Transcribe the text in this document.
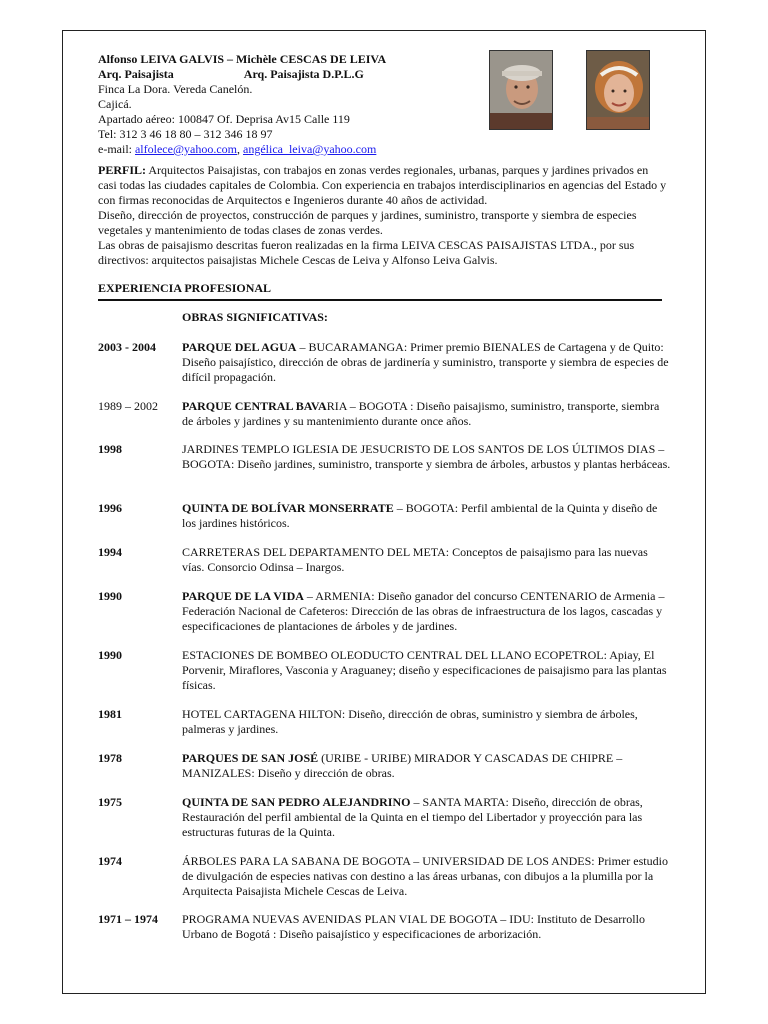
Alfonso LEIVA GALVIS – Michèle CESCAS DE LEIVA
Arq. Paisajista	Arq. Paisajista D.P.L.G
Finca La Dora. Vereda Canelón.
Cajicá.
Apartado aéreo: 100847 Of. Deprisa Av15 Calle 119
Tel: 312 3 46 18 80 – 312 346 18 97
e-mail: alfolece@yahoo.com, angélica_leiva@yahoo.com
PERFIL: Arquitectos Paisajistas, con trabajos en zonas verdes regionales, urbanas, parques y jardines privados en casi todas las ciudades capitales de Colombia. Con experiencia en trabajos interdisciplinarios en agencias del Estado y con firmas reconocidas de Arquitectos e Ingenieros durante 40 años de actividad.
Diseño, dirección de proyectos, construcción de parques y jardines, suministro, transporte y siembra de especies vegetales y mantenimiento de todas clases de zonas verdes.
Las obras de paisajismo descritas fueron realizadas en la firma LEIVA CESCAS PAISAJISTAS LTDA., por sus directivos: arquitectos paisajistas Michele Cescas de Leiva y Alfonso Leiva Galvis.
EXPERIENCIA PROFESIONAL
OBRAS SIGNIFICATIVAS:
2003 - 2004	PARQUE DEL AGUA – BUCARAMANGA: Primer premio BIENALES de Cartagena y de Quito: Diseño paisajístico, dirección de obras de jardinería y suministro, transporte y siembra de especies de difícil propagación.
1989 – 2002	PARQUE CENTRAL BAVARIA – BOGOTA : Diseño paisajismo, suministro, transporte, siembra de árboles y jardines y su mantenimiento durante once años.
1998	JARDINES TEMPLO IGLESIA DE JESUCRISTO DE LOS SANTOS DE LOS ÚLTIMOS DIAS – BOGOTA: Diseño jardines, suministro, transporte y siembra de árboles, arbustos y plantas herbáceas.
1996	QUINTA DE BOLÍVAR MONSERRATE – BOGOTA: Perfil ambiental de la Quinta y diseño de los jardines históricos.
1994	CARRETERAS DEL DEPARTAMENTO DEL META: Conceptos de paisajismo para las nuevas vías. Consorcio Odinsa – Inargos.
1990	PARQUE DE LA VIDA – ARMENIA: Diseño ganador del concurso CENTENARIO de Armenia – Federación Nacional de Cafeteros: Dirección de las obras de infraestructura de los lagos, cascadas y especificaciones de plantaciones de árboles y de jardines.
1990	ESTACIONES DE BOMBEO OLEODUCTO CENTRAL DEL LLANO ECOPETROL: Apiay, El Porvenir, Miraflores, Vasconia y Araguaney; diseño y especificaciones de paisajismo para las plantas físicas.
1981	HOTEL CARTAGENA HILTON: Diseño, dirección de obras, suministro y siembra de árboles, palmeras y jardines.
1978	PARQUES DE SAN JOSÉ (URIBE - URIBE) MIRADOR Y CASCADAS DE CHIPRE – MANIZALES: Diseño y dirección de obras.
1975	QUINTA DE SAN PEDRO ALEJANDRINO – SANTA MARTA: Diseño, dirección de obras, Restauración del perfil ambiental de la Quinta en el tiempo del Libertador y proyección para las estructuras futuras de la Quinta.
1974	ÁRBOLES PARA LA SABANA DE BOGOTA – UNIVERSIDAD DE LOS ANDES: Primer estudio de divulgación de especies nativas con destino a las áreas urbanas, con dibujos a la plumilla por la Arquitecta Paisajista Michele Cescas de Leiva.
1971 – 1974	PROGRAMA NUEVAS AVENIDAS PLAN VIAL DE BOGOTA – IDU: Instituto de Desarrollo Urbano de Bogotá : Diseño paisajístico y especificaciones de arborización.
